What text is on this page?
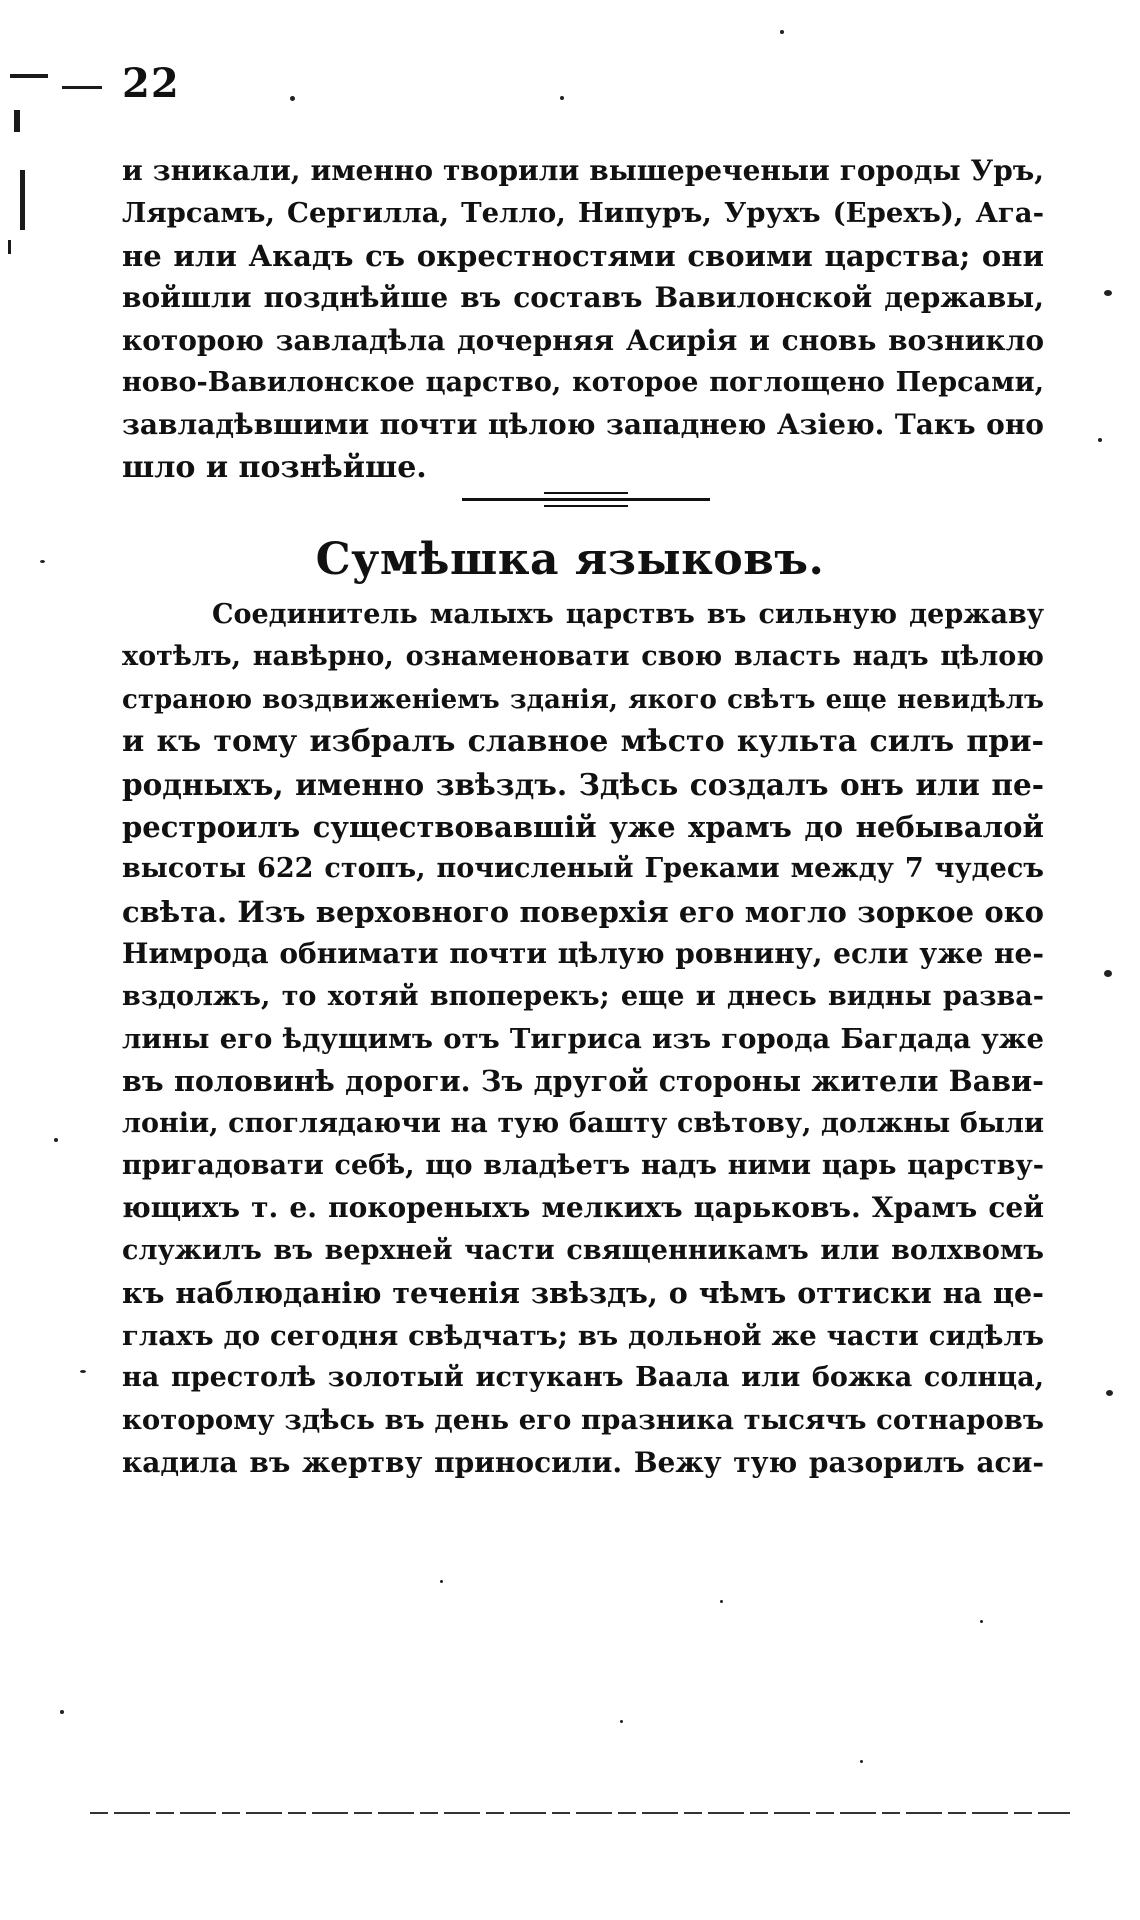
22
и зникали, именно творили вышереченыи городы Уръ,
Лярсамъ, Сергилла, Телло, Нипуръ, Урухъ (Ерехъ), Ага-
не или Акадъ съ окрестностями своими царства; они
войшли позднѣйше въ составъ Вавилонской державы,
которою завладѣла дочерняя Асирія и сновь возникло
ново-Вавилонское царство, которое поглощено Персами,
завладѣвшими почти цѣлою западнею Азіею. Такъ оно
шло и познѣйше.
Сумѣшка языковъ.
Соединитель малыхъ царствъ въ сильную державу
хотѣлъ, навѣрно, ознаменовати свою власть надъ цѣлою
страною воздвиженіемъ зданія, якого свѣтъ еще невидѣлъ
и къ тому избралъ славное мѣсто культа силъ при-
родныхъ, именно звѣздъ. Здѣсь создалъ онъ или пе-
рестроилъ существовавшій уже храмъ до небывалой
высоты 622 стопъ, почисленый Греками между 7 чудесъ
свѣта. Изъ верховного поверхія его могло зоркое око
Нимрода обнимати почти цѣлую ровнину, если уже не-
вздолжъ, то хотяй впоперекъ; еще и днесь видны разва-
лины его ѣдущимъ отъ Тигриса изъ города Багдада уже
въ половинѣ дороги. Зъ другой стороны жители Вави-
лоніи, споглядаючи на тую башту свѣтову, должны были
пригадовати себѣ, що владѣетъ надъ ними царь царству-
ющихъ т. е. покореныхъ мелкихъ царьковъ. Храмъ сей
служилъ въ верхней части священникамъ или волхвомъ
къ наблюданію теченія звѣздъ, о чѣмъ оттиски на це-
глахъ до сегодня свѣдчатъ; въ дольной же части сидѣлъ
на престолѣ золотый истуканъ Ваала или божка солнца,
которому здѣсь въ день его празника тысячъ сотнаровъ
кадила въ жертву приносили. Вежу тую разорилъ аси-
